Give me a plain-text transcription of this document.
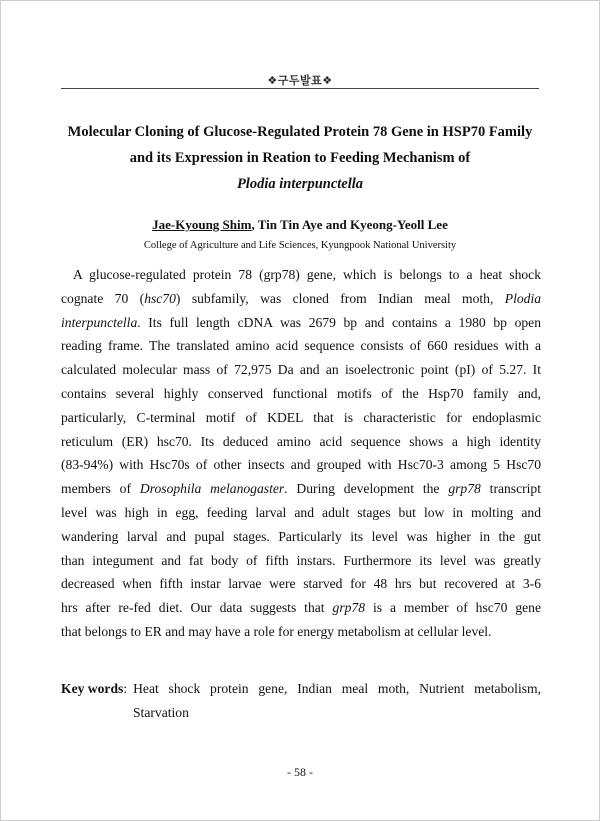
❖구두발표❖
Molecular Cloning of Glucose-Regulated Protein 78 Gene in HSP70 Family
and its Expression in Reation to Feeding Mechanism of
Plodia interpunctella
Jae-Kyoung Shim, Tin Tin Aye and Kyeong-Yeoll Lee
College of Agriculture and Life Sciences, Kyungpook National University
A glucose-regulated protein 78 (grp78) gene, which is belongs to a heat shock
cognate 70 (hsc70) subfamily, was cloned from Indian meal moth, Plodia
interpunctella. Its full length cDNA was 2679 bp and contains a 1980 bp open
reading frame. The translated amino acid sequence consists of 660 residues with a
calculated molecular mass of 72,975 Da and an isoelectronic point (pI) of 5.27. It
contains several highly conserved functional motifs of the Hsp70 family and,
particularly, C-terminal motif of KDEL that is characteristic for endoplasmic
reticulum (ER) hsc70. Its deduced amino acid sequence shows a high identity
(83-94%) with Hsc70s of other insects and grouped with Hsc70-3 among 5 Hsc70
members of Drosophila melanogaster. During development the grp78 transcript
level was high in egg, feeding larval and adult stages but low in molting and
wandering larval and pupal stages. Particularly its level was higher in the gut
than integument and fat body of fifth instars. Furthermore its level was greatly
decreased when fifth instar larvae were starved for 48 hrs but recovered at 3-6
hrs after re-fed diet. Our data suggests that grp78 is a member of hsc70 gene
that belongs to ER and may have a role for energy metabolism at cellular level.
Key words : Heat shock protein gene, Indian meal moth, Nutrient metabolism,
Starvation
- 58 -
